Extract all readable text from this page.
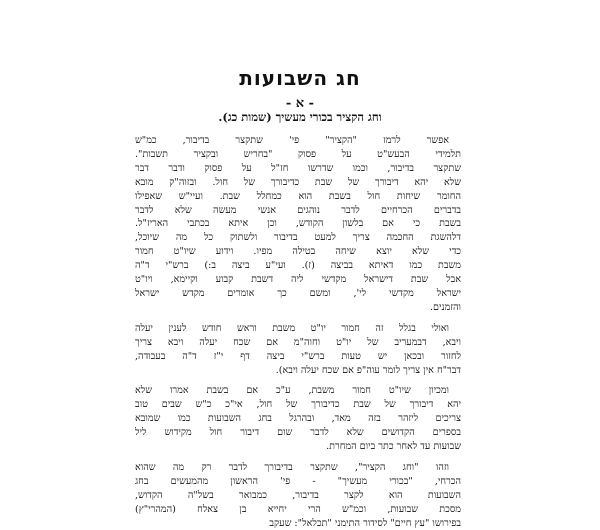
חג השבועות
- א -
וחג הקציר בכורי מעשיך (שמות כג).
אפשר לרמז "הקציר" פי' שתקצר בדיבור, כמ"ש
תלמידי הבעש"ט על פסוק "בחריש ובקציר תשבות".
שתקצר בדיבור, וכמו שדרשו חז"ל על פסוק ודבר דבר
שלא יהא דיבורך של שבת כדיבורך של חול. ובזוה"ק מובא
החומר שיחות חול בשבת הוא כמחלל שבת. ועיי"ש שאפילו
בדברים הכרחיים לדבר נוהגים אנשי מעשה שלא לדבר
בשבת כי אם בלשון הקודש, וכן איתא בכתבי האריז"ל.
דלהשגת החכמה צריך למעט בדיבור ולשתוק כל מה שיוכל,
כדי שלא יוצא שיחה בטילה מפיו. וידוע שיו"ט חמור
משבת כמו דאיתא בביצה (ז). ועי"ע ביצה ב:) ברש"י ד"ה
אבל שבת דישראל מקדשי ליה דשבת קבוע וקיימא, ויו"ט
ישראל מקדשי לי', ומשם כך אומרים מקדש ישראל
והזמנים.
ואולי בגלל זה חמור יו"ט משבת וראש חודש לענין יעלה
ויבא, דבמעריב של יו"ט וחוה"מ אם שכח יעלה ויבא צריך
לחזור ובכאן יש טעות ברש"י ביצה דף י"ז ד"ה בעבודה,
דבר"ח אין צריך לומר עוה"פ אם שכח יעלה ויבא).
ומכיון שיו"ט חמור משבת, ע"כ אם בשבת אמרו שלא
יהא דיבורך של שבת כדיבורך של חול, אי"כ כ"ש שבים טוב
צריכים ליזהר בזה מאד, ובהרגל בחג השבועות כמו שמובא
בספרים הקדושים שלא לדבר שום דיבור חול מקידוש ליל
שבועות עד לאחר כתר ביום המחרת.
וזהו "וחג הקציר", שתקצר בדיבורך לדבר רק מה שהוא
הכרחי, "בכורי מעשיך" - פי' הראשון מהמעשים בחג
השבועות הוא לקצר בדיבור, כמבואר בשל"ה הקדוש,
מסכת שבועות, וכמ"ש הרי יחייא בן צאלח (המהרי"ץ)
בפירושו "עץ חיים" לסידור התימני "תכלאל": שעקב
